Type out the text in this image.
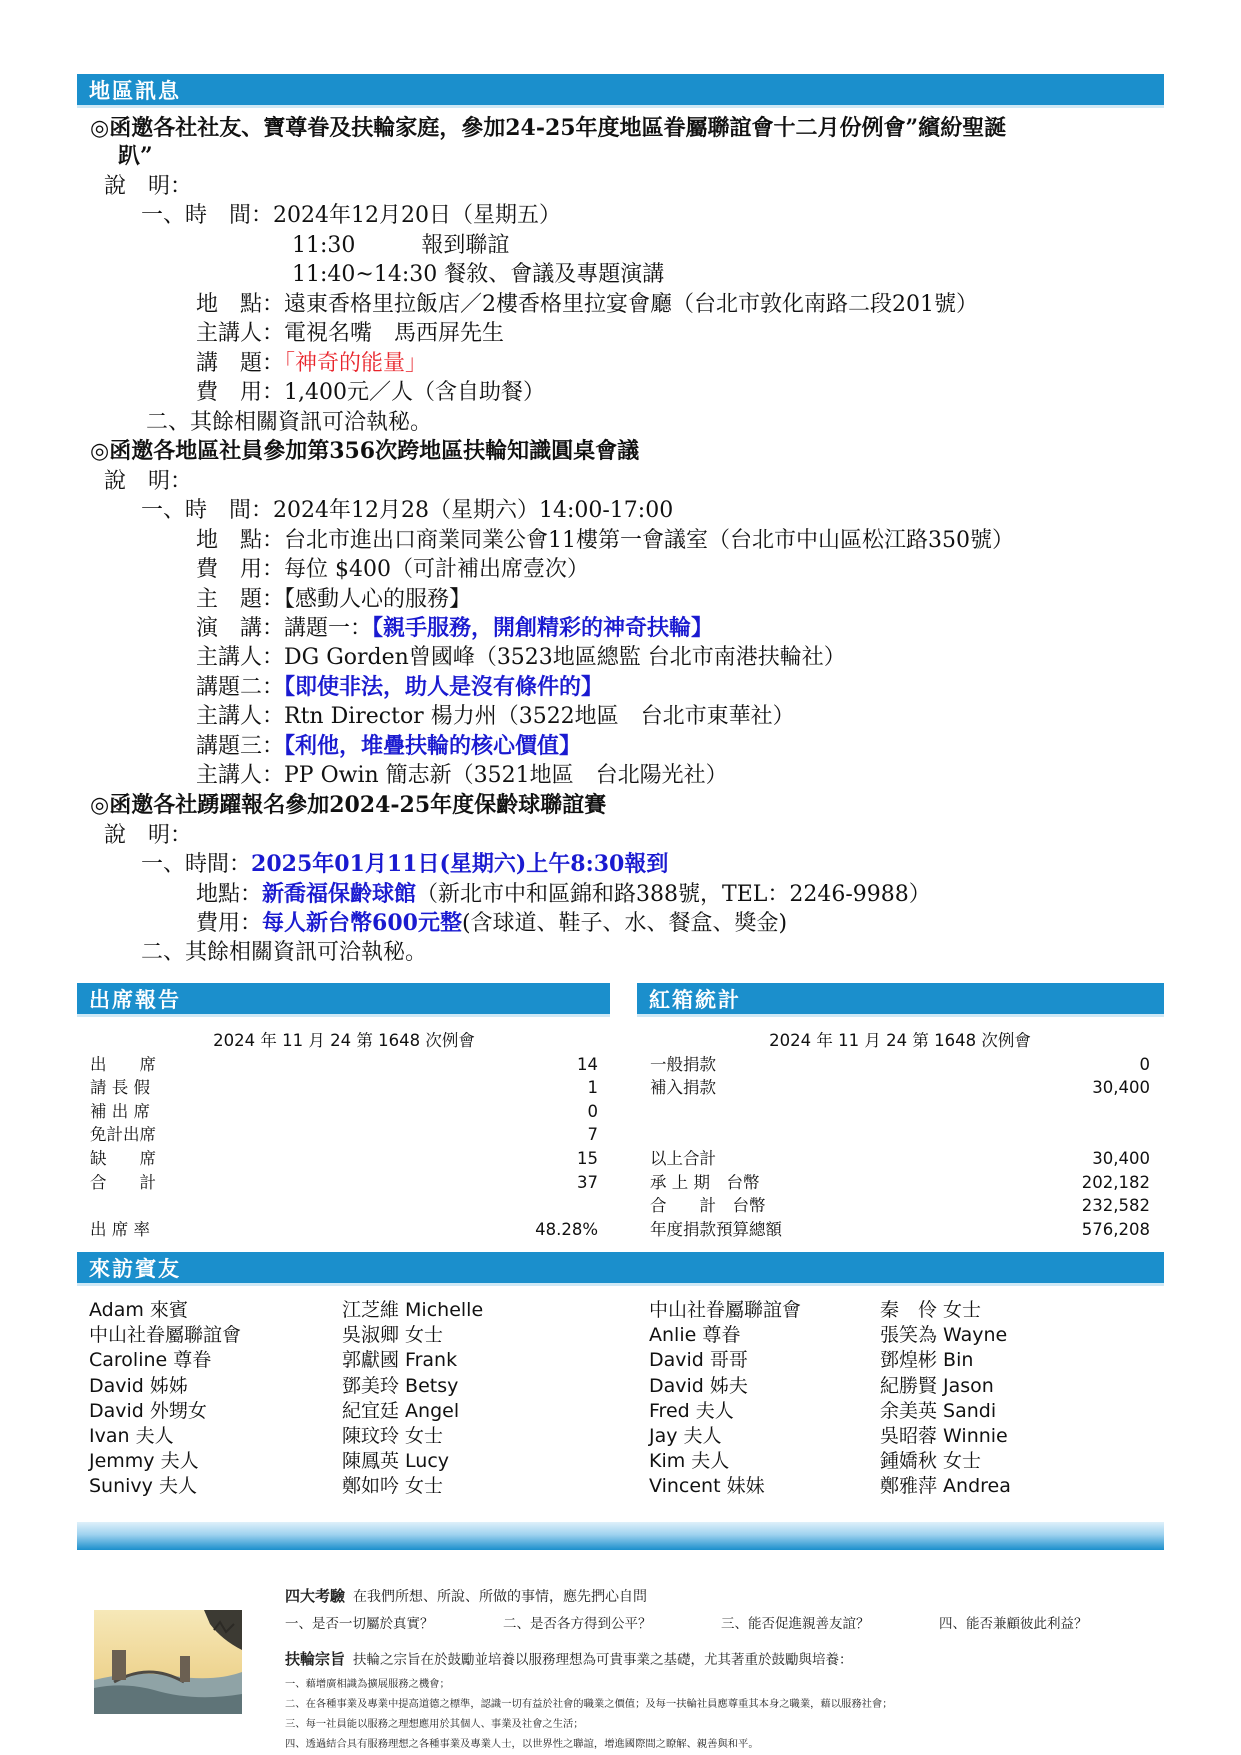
地區訊息
◎函邀各社社友、寶尊眷及扶輪家庭，參加24-25年度地區眷屬聯誼會十二月份例會”繽紛聖誕
趴”
說　明：
一、時　間：2024年12月20日（星期五）
11:30　　　報到聯誼
11:40~14:30 餐敘、會議及專題演講
地　點：遠東香格里拉飯店／2樓香格里拉宴會廳（台北市敦化南路二段201號）
主講人：電視名嘴　馬西屏先生
講　題：「神奇的能量」
費　用：1,400元／人（含自助餐）
二、其餘相關資訊可洽執秘。
◎函邀各地區社員參加第356次跨地區扶輪知識圓桌會議
說　明：
一、時　間：2024年12月28（星期六）14:00-17:00
地　點：台北市進出口商業同業公會11樓第一會議室（台北市中山區松江路350號）
費　用：每位 $400（可計補出席壹次）
主　題：【感動人心的服務】
演　講：講題一：【親手服務，開創精彩的神奇扶輪】
主講人：DG Gorden曾國峰（3523地區總監 台北市南港扶輪社）
講題二：【即使非法，助人是沒有條件的】
主講人：Rtn Director 楊力州（3522地區　台北市東華社）
講題三：【利他，堆疊扶輪的核心價值】
主講人：PP Owin 簡志新（3521地區　台北陽光社）
◎函邀各社踴躍報名參加2024-25年度保齡球聯誼賽
說　明：
一、時間：2025年01月11日(星期六)上午8:30報到
地點：新喬福保齡球館（新北市中和區錦和路388號，TEL：2246-9988）
費用：每人新台幣600元整(含球道、鞋子、水、餐盒、獎金)
二、其餘相關資訊可洽執秘。
出席報告	紅箱統計
2024 年 11 月 24 第 1648 次例會
出　　席	14
請 長 假	1
補 出 席	0
免計出席	7
缺　　席	15
合　　計	37
出 席 率	48.28%
2024 年 11 月 24 第 1648 次例會
一般捐款	0
補入捐款	30,400
以上合計	30,400
承 上 期　台幣	202,182
合　　計　台幣	232,582
年度捐款預算總額	576,208
來訪賓友
Adam 來賓
中山社眷屬聯誼會
Caroline 尊眷
David 姊姊
David 外甥女
Ivan 夫人
Jemmy 夫人
Sunivy 夫人
江芝維 Michelle
吳淑卿 女士
郭獻國 Frank
鄧美玲 Betsy
紀宜廷 Angel
陳玟玲 女士
陳鳳英 Lucy
鄭如吟 女士
中山社眷屬聯誼會
Anlie 尊眷
David 哥哥
David 姊夫
Fred 夫人
Jay 夫人
Kim 夫人
Vincent 妹妹
秦　伶 女士
張笑為 Wayne
鄧煌彬 Bin
紀勝賢 Jason
余美英 Sandi
吳昭蓉 Winnie
鍾嬌秋 女士
鄭雅萍 Andrea
四大考驗 在我們所想、所說、所做的事情，應先捫心自問
一、是否一切屬於真實？	二、是否各方得到公平？	三、能否促進親善友誼？	四、能否兼顧彼此利益？
扶輪宗旨 扶輪之宗旨在於鼓勵並培養以服務理想為可貴事業之基礎，尤其著重於鼓勵與培養：
一、藉增廣相識為擴展服務之機會；
二、在各種事業及專業中提高道德之標準，認識一切有益於社會的職業之價值；及每一扶輪社員應尊重其本身之職業，藉以服務社會；
三、每一社員能以服務之理想應用於其個人、事業及社會之生活；
四、透過結合具有服務理想之各種事業及專業人士，以世界性之聯誼，增進國際間之瞭解、親善與和平。
